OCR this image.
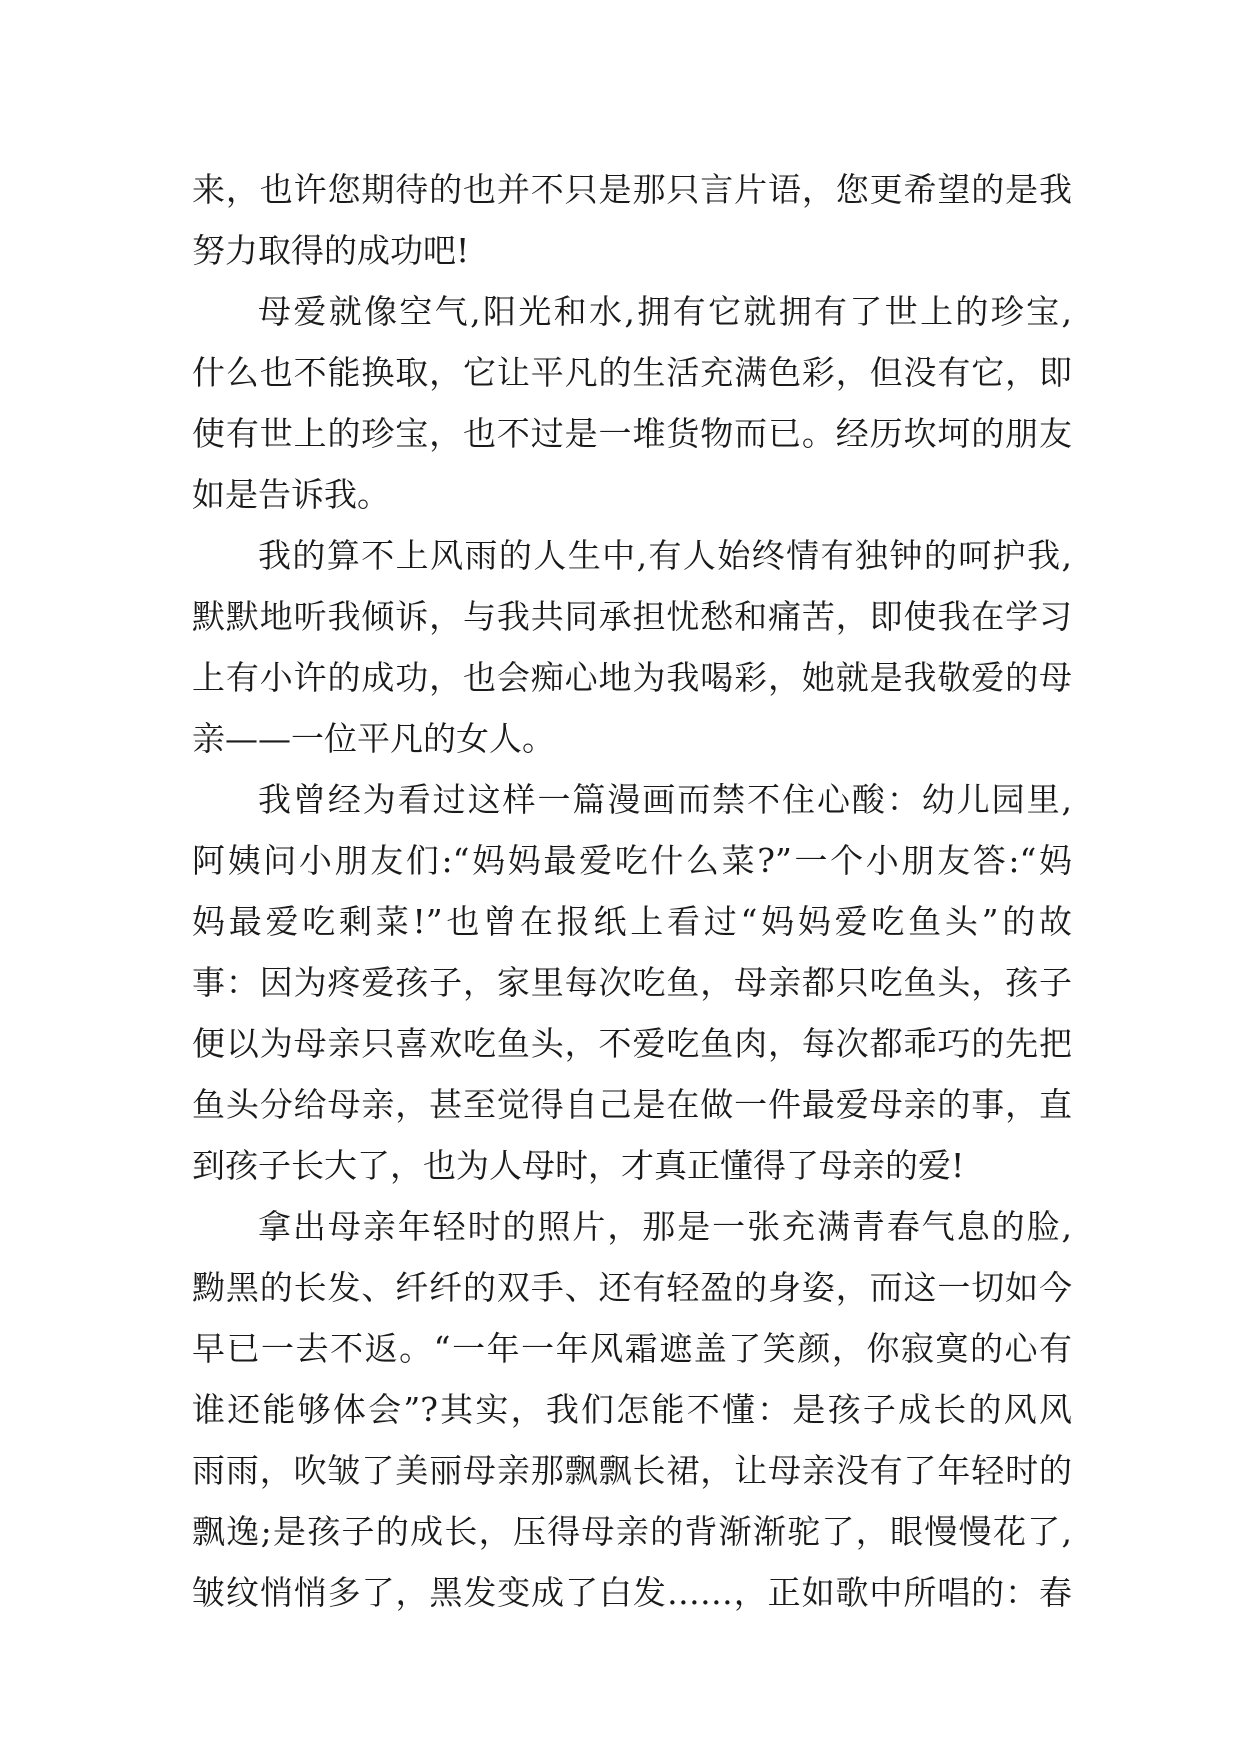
来，也许您期待的也并不只是那只言片语，您更希望的是我
努力取得的成功吧!
母爱就像空气,阳光和水,拥有它就拥有了世上的珍宝,
什么也不能换取，它让平凡的生活充满色彩，但没有它，即
使有世上的珍宝，也不过是一堆货物而已。经历坎坷的朋友
如是告诉我。
我的算不上风雨的人生中,有人始终情有独钟的呵护我,
默默地听我倾诉，与我共同承担忧愁和痛苦，即使我在学习
上有小许的成功，也会痴心地为我喝彩，她就是我敬爱的母
亲——一位平凡的女人。
我曾经为看过这样一篇漫画而禁不住心酸：幼儿园里,
阿姨问小朋友们:“妈妈最爱吃什么菜?”一个小朋友答:“妈
妈最爱吃剩菜!”也曾在报纸上看过“妈妈爱吃鱼头”的故
事：因为疼爱孩子，家里每次吃鱼，母亲都只吃鱼头，孩子
便以为母亲只喜欢吃鱼头，不爱吃鱼肉，每次都乖巧的先把
鱼头分给母亲，甚至觉得自己是在做一件最爱母亲的事，直
到孩子长大了，也为人母时，才真正懂得了母亲的爱!
拿出母亲年轻时的照片，那是一张充满青春气息的脸,
黝黑的长发、纤纤的双手、还有轻盈的身姿，而这一切如今
早已一去不返。“一年一年风霜遮盖了笑颜，你寂寞的心有
谁还能够体会”?其实，我们怎能不懂：是孩子成长的风风
雨雨，吹皱了美丽母亲那飘飘长裙，让母亲没有了年轻时的
飘逸;是孩子的成长，压得母亲的背渐渐驼了，眼慢慢花了,
皱纹悄悄多了，黑发变成了白发……，正如歌中所唱的：春
